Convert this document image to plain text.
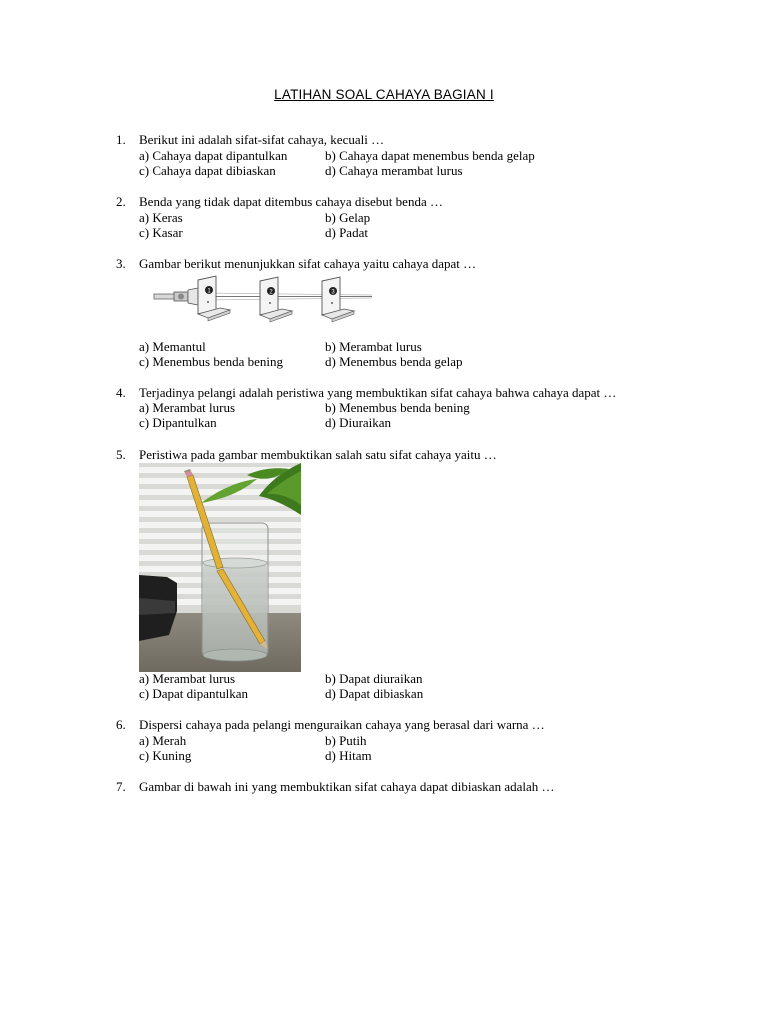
LATIHAN SOAL CAHAYA BAGIAN I
1. Berikut ini adalah sifat-sifat cahaya, kecuali …
a) Cahaya dapat dipantulkan	b) Cahaya dapat menembus benda gelap
c) Cahaya dapat dibiaskan	d) Cahaya merambat lurus
2. Benda yang tidak dapat ditembus cahaya disebut benda …
a) Keras	b) Gelap
c) Kasar	d) Padat
3. Gambar berikut menunjukkan sifat cahaya yaitu cahaya dapat …
1	2	3
a) Memantul	b) Merambat lurus
c) Menembus benda bening	d) Menembus benda gelap
4. Terjadinya pelangi adalah peristiwa yang membuktikan sifat cahaya bahwa cahaya dapat …
a) Merambat lurus	b) Menembus benda bening
c) Dipantulkan	d) Diuraikan
5. Peristiwa pada gambar membuktikan salah satu sifat cahaya yaitu …
a) Merambat lurus	b) Dapat diuraikan
c) Dapat dipantulkan	d) Dapat dibiaskan
6. Dispersi cahaya pada pelangi menguraikan cahaya yang berasal dari warna …
a) Merah	b) Putih
c) Kuning	d) Hitam
7. Gambar di bawah ini yang membuktikan sifat cahaya dapat dibiaskan adalah …
